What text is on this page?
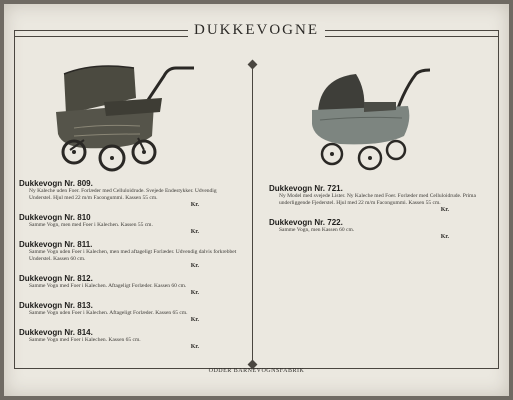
DUKKEVOGNE
Dukkevogn Nr. 809.
Ny Kaleche uden Foer. Forlæder med Celluloidrude. Svejede Endestykker. Udvendig Understel. Hjul med 22 m/m Facongummi. Kassen 55 cm.
Kr.
Dukkevogn Nr. 810
Samme Vogn, men med Foer i Kalechen. Kassen 55 cm.
Kr.
Dukkevogn Nr. 811.
Samme Vogn uden Foer i Kalechen, men med aftageligt Forlæder. Udvendig dalvis forkrebbet Understel. Kassen 60 cm.
Kr.
Dukkevogn Nr. 812.
Samme Vogn med Foer i Kalechen. Aftageligt Forlæder. Kassen 60 cm.
Kr.
Dukkevogn Nr. 813.
Samme Vogn uden Foer i Kalechen. Aftageligt Forlæder. Kassen 65 cm.
Kr.
Dukkevogn Nr. 814.
Samme Vogn med Foer i Kalechen. Kassen 65 cm.
Kr.
Dukkevogn Nr. 721.
Ny Model med svejede Lister. Ny Kaleche med Foer. Forlæder med Celluloidrude. Prima underliggende Fjederstel. Hjul med 22 m/m Facongummi. Kassen 55 cm.
Kr.
Dukkevogn Nr. 722.
Samme Vogn, men Kassen 60 cm.
Kr.
ODDER BARNEVOGNSFABRIK
